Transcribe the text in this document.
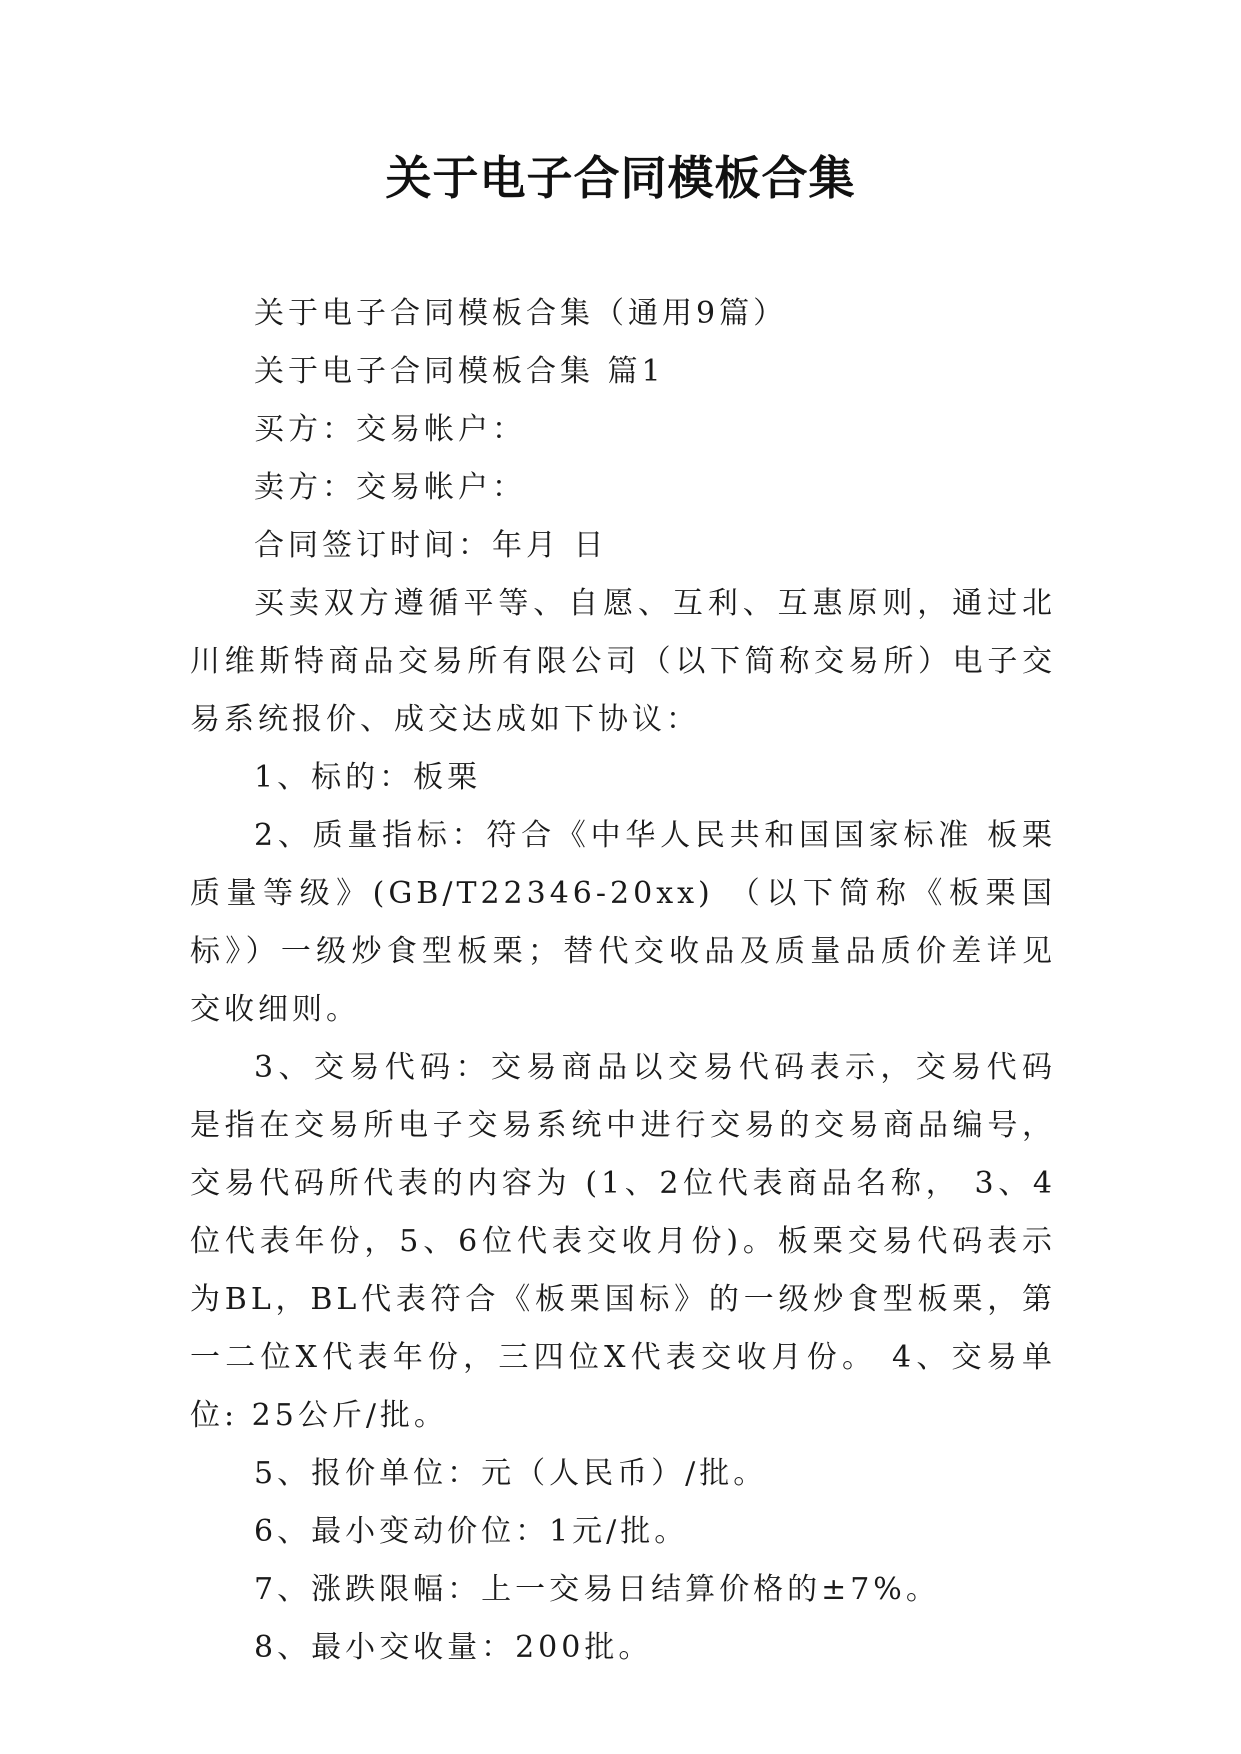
关于电子合同模板合集

关于电子合同模板合集（通用9篇）

关于电子合同模板合集 篇1

买方：交易帐户：

卖方：交易帐户：

合同签订时间：年月 日

买卖双方遵循平等、自愿、互利、互惠原则，通过北川维斯特商品交易所有限公司（以下简称交易所）电子交易系统报价、成交达成如下协议：

1、标的：板栗

2、质量指标：符合《中华人民共和国国家标准 板栗质量等级》(GB/T22346-20xx) （以下简称《板栗国标》）一级炒食型板栗；替代交收品及质量品质价差详见交收细则。

3、交易代码：交易商品以交易代码表示，交易代码是指在交易所电子交易系统中进行交易的交易商品编号，交易代码所代表的内容为 (1、2位代表商品名称， 3、4位代表年份，5、6位代表交收月份)。板栗交易代码表示为BL，BL代表符合《板栗国标》的一级炒食型板栗，第一二位X代表年份，三四位X代表交收月份。 4、交易单位: 25公斤/批。

5、报价单位：元（人民币）/批。

6、最小变动价位：1元/批。

7、涨跌限幅：上一交易日结算价格的±7%。

8、最小交收量：200批。
